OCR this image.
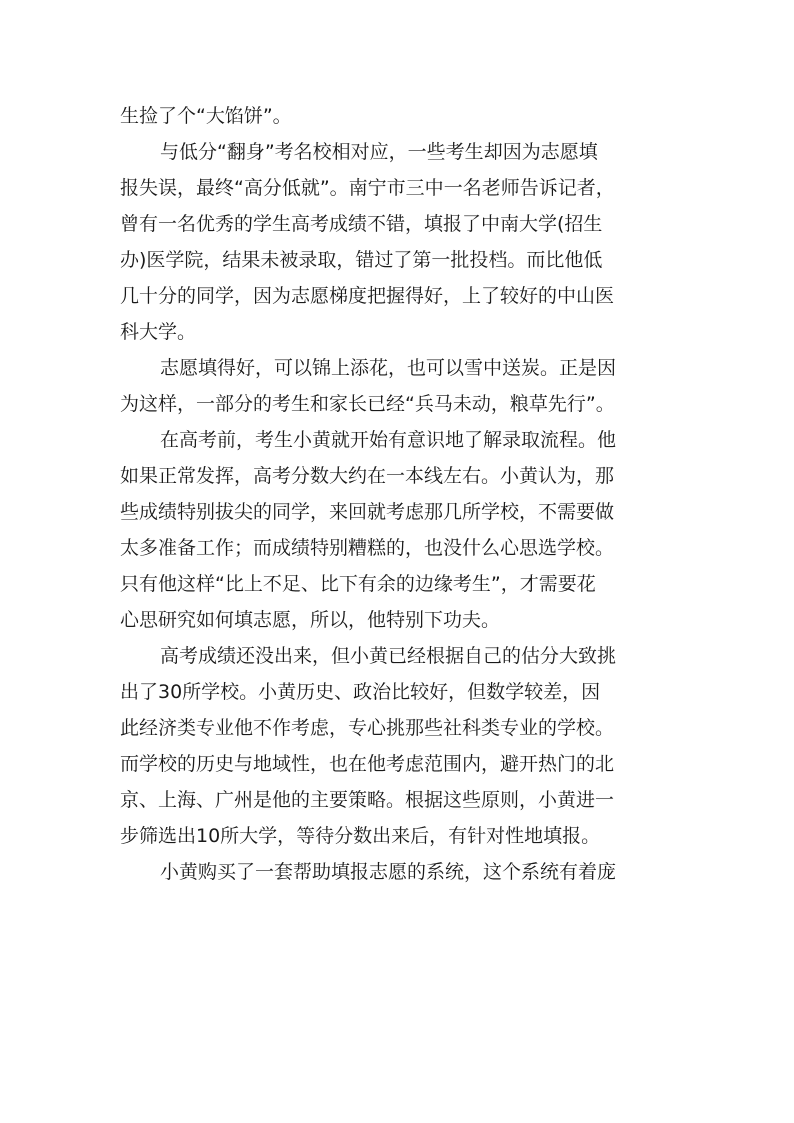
生捡了个“大馅饼”。
与低分“翻身”考名校相对应，一些考生却因为志愿填
报失误，最终“高分低就”。南宁市三中一名老师告诉记者，
曾有一名优秀的学生高考成绩不错，填报了中南大学(招生
办)医学院，结果未被录取，错过了第一批投档。而比他低
几十分的同学，因为志愿梯度把握得好，上了较好的中山医
科大学。
志愿填得好，可以锦上添花，也可以雪中送炭。正是因
为这样，一部分的考生和家长已经“兵马未动，粮草先行”。
在高考前，考生小黄就开始有意识地了解录取流程。他
如果正常发挥，高考分数大约在一本线左右。小黄认为，那
些成绩特别拔尖的同学，来回就考虑那几所学校，不需要做
太多准备工作；而成绩特别糟糕的，也没什么心思选学校。
只有他这样“比上不足、比下有余的边缘考生”，才需要花
心思研究如何填志愿，所以，他特别下功夫。
高考成绩还没出来，但小黄已经根据自己的估分大致挑
出了30所学校。小黄历史、政治比较好，但数学较差，因
此经济类专业他不作考虑，专心挑那些社科类专业的学校。
而学校的历史与地域性，也在他考虑范围内，避开热门的北
京、上海、广州是他的主要策略。根据这些原则，小黄进一
步筛选出10所大学，等待分数出来后，有针对性地填报。
小黄购买了一套帮助填报志愿的系统，这个系统有着庞
